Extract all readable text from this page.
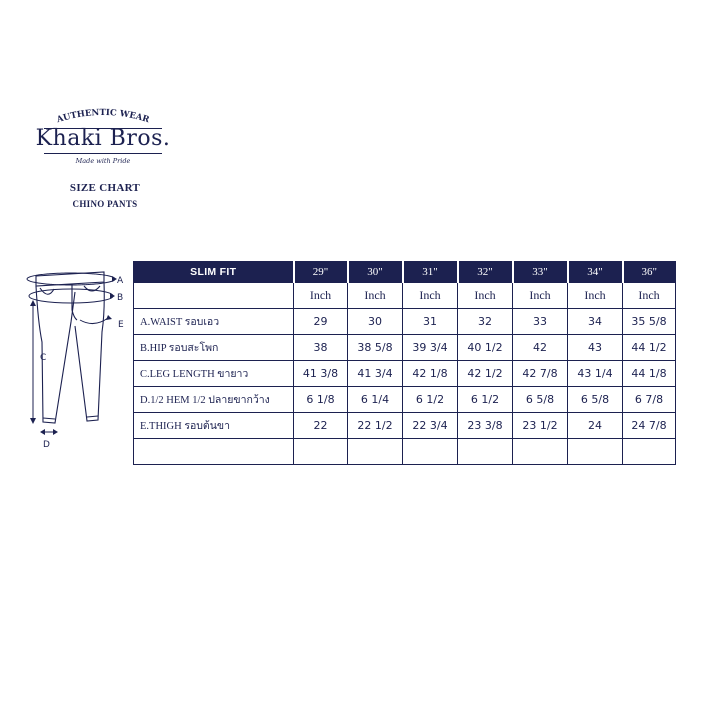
AUTHENTIC WEAR
Khaki Bros.
Made with Pride
SIZE CHART
CHINO PANTS
A
B
C
D
E
SLIM FIT	29"	30"	31"	32"	33"	34"	36"
	Inch	Inch	Inch	Inch	Inch	Inch	Inch
A.WAIST รอบเอว	29	30	31	32	33	34	35 5/8
B.HIP รอบสะโพก	38	38 5/8	39 3/4	40 1/2	42	43	44 1/2
C.LEG LENGTH ขายาว	41 3/8	41 3/4	42 1/8	42 1/2	42 7/8	43 1/4	44 1/8
D.1/2 HEM 1/2 ปลายขากว้าง	6 1/8	6 1/4	6 1/2	6 1/2	6 5/8	6 5/8	6 7/8
E.THIGH รอบต้นขา	22	22 1/2	22 3/4	23 3/8	23 1/2	24	24 7/8
